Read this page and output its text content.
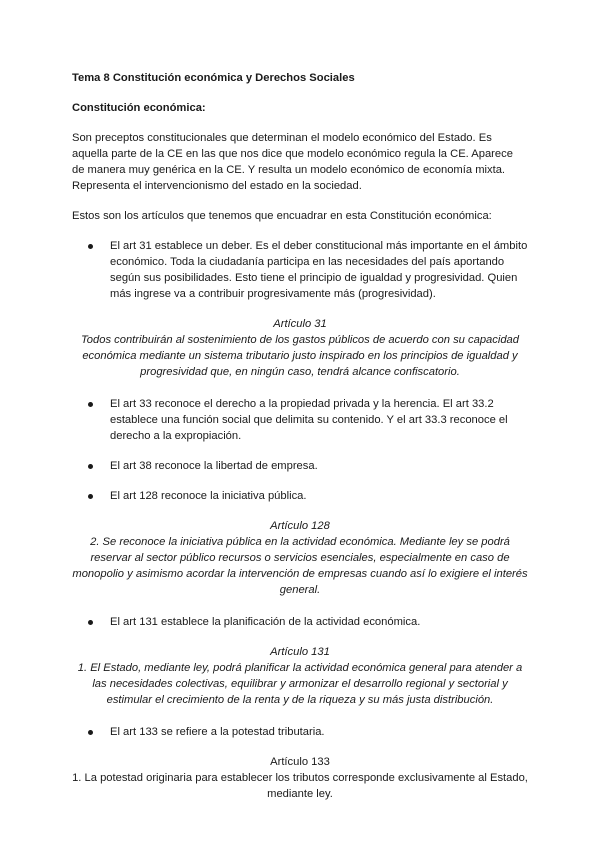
Tema 8 Constitución económica y Derechos Sociales

Constitución económica:

Son preceptos constitucionales que determinan el modelo económico del Estado. Es aquella parte de la CE en las que nos dice que modelo económico regula la CE. Aparece de manera muy genérica en la CE. Y resulta un modelo económico de economía mixta. Representa el intervencionismo del estado en la sociedad.

Estos son los artículos que tenemos que encuadrar en esta Constitución económica:

El art 31 establece un deber. Es el deber constitucional más importante en el ámbito económico. Toda la ciudadanía participa en las necesidades del país aportando según sus posibilidades. Esto tiene el principio de igualdad y progresividad. Quien más ingrese va a contribuir progresivamente más (progresividad).
Artículo 31
Todos contribuirán al sostenimiento de los gastos públicos de acuerdo con su capacidad económica mediante un sistema tributario justo inspirado en los principios de igualdad y progresividad que, en ningún caso, tendrá alcance confiscatorio.
El art 33 reconoce el derecho a la propiedad privada y la herencia. El art 33.2 establece una función social que delimita su contenido. Y el art 33.3 reconoce el derecho a la expropiación.
El art 38 reconoce la libertad de empresa.
El art 128 reconoce la iniciativa pública.
Artículo 128
2. Se reconoce la iniciativa pública en la actividad económica. Mediante ley se podrá reservar al sector público recursos o servicios esenciales, especialmente en caso de monopolio y asimismo acordar la intervención de empresas cuando así lo exigiere el interés general.
El art 131 establece la planificación de la actividad económica.
Artículo 131
1. El Estado, mediante ley, podrá planificar la actividad económica general para atender a las necesidades colectivas, equilibrar y armonizar el desarrollo regional y sectorial y estimular el crecimiento de la renta y de la riqueza y su más justa distribución.
El art 133 se refiere a la potestad tributaria.
Artículo 133
1. La potestad originaria para establecer los tributos corresponde exclusivamente al Estado, mediante ley.
